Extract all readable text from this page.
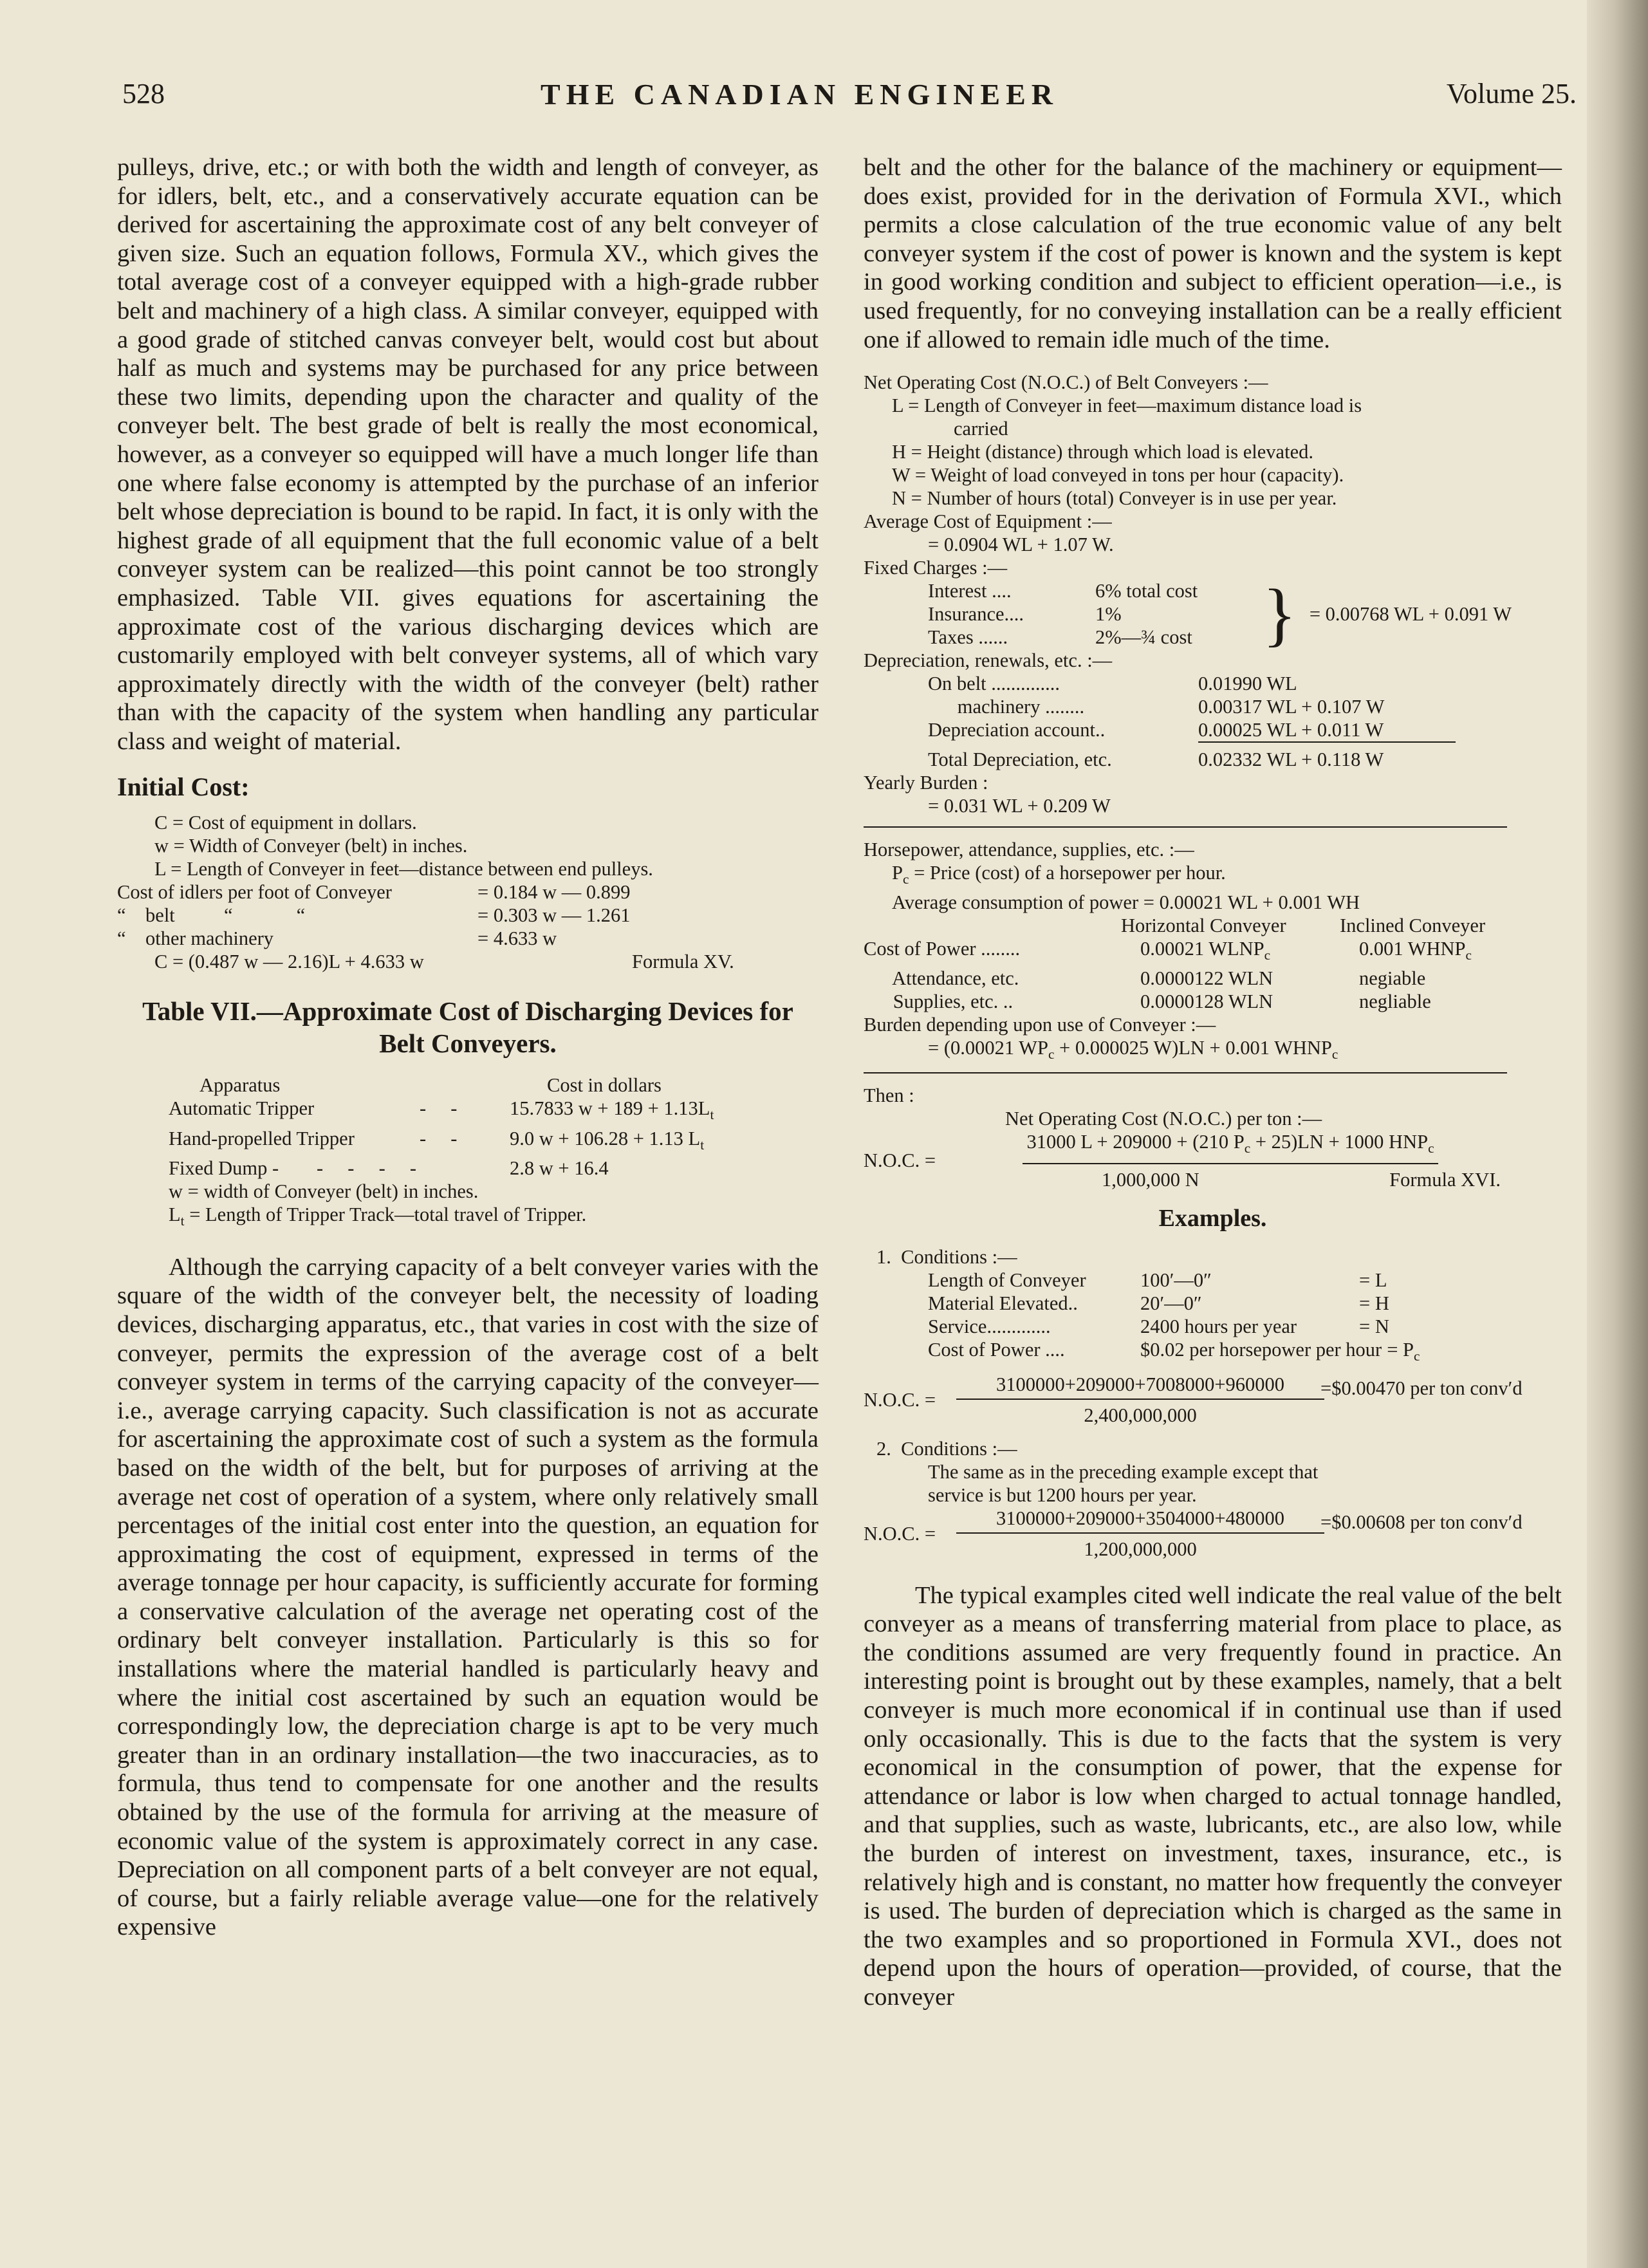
528	THE CANADIAN ENGINEER	Volume 25.

pulleys, drive, etc.; or with both the width and length of conveyer, as for idlers, belt, etc., and a conservatively accurate equation can be derived for ascertaining the approximate cost of any belt conveyer of given size. Such an equation follows, Formula XV., which gives the total average cost of a conveyer equipped with a high-grade rubber belt and machinery of a high class. A similar conveyer, equipped with a good grade of stitched canvas conveyer belt, would cost but about half as much and systems may be purchased for any price between these two limits, depending upon the character and quality of the conveyer belt. The best grade of belt is really the most economical, however, as a conveyer so equipped will have a much longer life than one where false economy is attempted by the purchase of an inferior belt whose depreciation is bound to be rapid. In fact, it is only with the highest grade of all equipment that the full economic value of a belt conveyer system can be realized—this point cannot be too strongly emphasized. Table VII. gives equations for ascertaining the approximate cost of the various discharging devices which are customarily employed with belt conveyer systems, all of which vary approximately directly with the width of the conveyer (belt) rather than with the capacity of the system when handling any particular class and weight of material.

Initial Cost:
C = Cost of equipment in dollars.
w = Width of Conveyer (belt) in inches.
L = Length of Conveyer in feet—distance between end pulleys.
Cost of idlers per foot of Conveyer	= 0.184 w — 0.899
“    belt          “             “	= 0.303 w — 1.261
“    other machinery	= 4.633 w
C = (0.487 w — 2.16)L + 4.633 w	Formula XV.
Table VII.—Approximate Cost of Discharging Devices for Belt Conveyers.
Apparatus	Cost in dollars
Automatic Tripper	-     -	15.7833 $w + 189 + 1.13L_t$
Hand-propelled Tripper	-     -	9.0 w + 106.28 + 1.13 $L_t$
Fixed Dump -	-     -     -     -	2.8 w + 16.4
w = width of Conveyer (belt) in inches.
$L_t$ = Length of Tripper Track—total travel of Tripper.

Although the carrying capacity of a belt conveyer varies with the square of the width of the conveyer belt, the necessity of loading devices, discharging apparatus, etc., that varies in cost with the size of conveyer, permits the expression of the average cost of a belt conveyer system in terms of the carrying capacity of the conveyer—i.e., average carrying capacity. Such classification is not as accurate for ascertaining the approximate cost of such a system as the formula based on the width of the belt, but for purposes of arriving at the average net cost of operation of a system, where only relatively small percentages of the initial cost enter into the question, an equation for approximating the cost of equipment, expressed in terms of the average tonnage per hour capacity, is sufficiently accurate for forming a conservative calculation of the average net operating cost of the ordinary belt conveyer installation. Particularly is this so for installations where the material handled is particularly heavy and where the initial cost ascertained by such an equation would be correspondingly low, the depreciation charge is apt to be very much greater than in an ordinary installation—the two inaccuracies, as to formula, thus tend to compensate for one another and the results obtained by the use of the formula for arriving at the measure of economic value of the system is approximately correct in any case. Depreciation on all component parts of a belt conveyer are not equal, of course, but a fairly reliable average value—one for the relatively expensive

belt and the other for the balance of the machinery or equipment—does exist, provided for in the derivation of Formula XVI., which permits a close calculation of the true economic value of any belt conveyer system if the cost of power is known and the system is kept in good working condition and subject to efficient operation—i.e., is used frequently, for no conveying installation can be a really efficient one if allowed to remain idle much of the time.

Net Operating Cost (N.O.C.) of Belt Conveyers :—
L = Length of Conveyer in feet—maximum distance load is
carried
H = Height (distance) through which load is elevated.
W = Weight of load conveyed in tons per hour (capacity).
N = Number of hours (total) Conveyer is in use per year.
Average Cost of Equipment :—
= 0.0904 WL + 1.07 W.
Fixed Charges :—
Interest ....	6% total cost
Insurance....	1%
Taxes ......	2%—¾ cost } = 0.00768 WL + 0.091 W
Depreciation, renewals, etc. :—
On belt ..............	0.01990 WL
machinery ........	0.00317 WL + 0.107 W
Depreciation account..	0.00025 WL + 0.011 W
Total Depreciation, etc.	0.02332 WL + 0.118 W
Yearly Burden :
= 0.031 WL + 0.209 W
Horsepower, attendance, supplies, etc. :—
$P_c$ = Price (cost) of a horsepower per hour.
Average consumption of power = 0.00021 WL + 0.001 WH
Horizontal Conveyer	Inclined Conveyer
Cost of Power ........	0.00021 $WLNP_c$	0.001 $WHNP_c$
Attendance, etc.	0.0000122 WLN	negiable
Supplies, etc. ..	0.0000128 WLN	negliable
Burden depending upon use of Conveyer :—
= (0.00021 $WP_c + 0.000025$ W)LN + 0.001 $WHNP_c$
Then :
Net Operating Cost (N.O.C.) per ton :—
N.O.C. =	31000 L + 209000 + (210 $P_c + 25)LN + 1000$ $HNP_c$
1,000,000 N	Formula XVI.
Examples.
1.  Conditions :—
Length of Conveyer	100′—0″	= L
Material Elevated..	20′—0″	= H
Service.............	2400 hours per year	= N
Cost of Power ....	$0.02 per horsepower per hour = $P_c$
N.O.C. =	$\frac{3100000+209000+7008000+960000}{2,400,000,000}$ =$0.00470 per ton conv′d
2.  Conditions :—
The same as in the preceding example except that
service is but 1200 hours per year.
N.O.C. =	$\frac{3100000+209000+3504000+480000}{1,200,000,000}$ =$0.00608 per ton conv′d

The typical examples cited well indicate the real value of the belt conveyer as a means of transferring material from place to place, as the conditions assumed are very frequently found in practice. An interesting point is brought out by these examples, namely, that a belt conveyer is much more economical if in continual use than if used only occasionally. This is due to the facts that the system is very economical in the consumption of power, that the expense for attendance or labor is low when charged to actual tonnage handled, and that supplies, such as waste, lubricants, etc., are also low, while the burden of interest on investment, taxes, insurance, etc., is relatively high and is constant, no matter how frequently the conveyer is used. The burden of depreciation which is charged as the same in the two examples and so proportioned in Formula XVI., does not depend upon the hours of operation—provided, of course, that the conveyer
